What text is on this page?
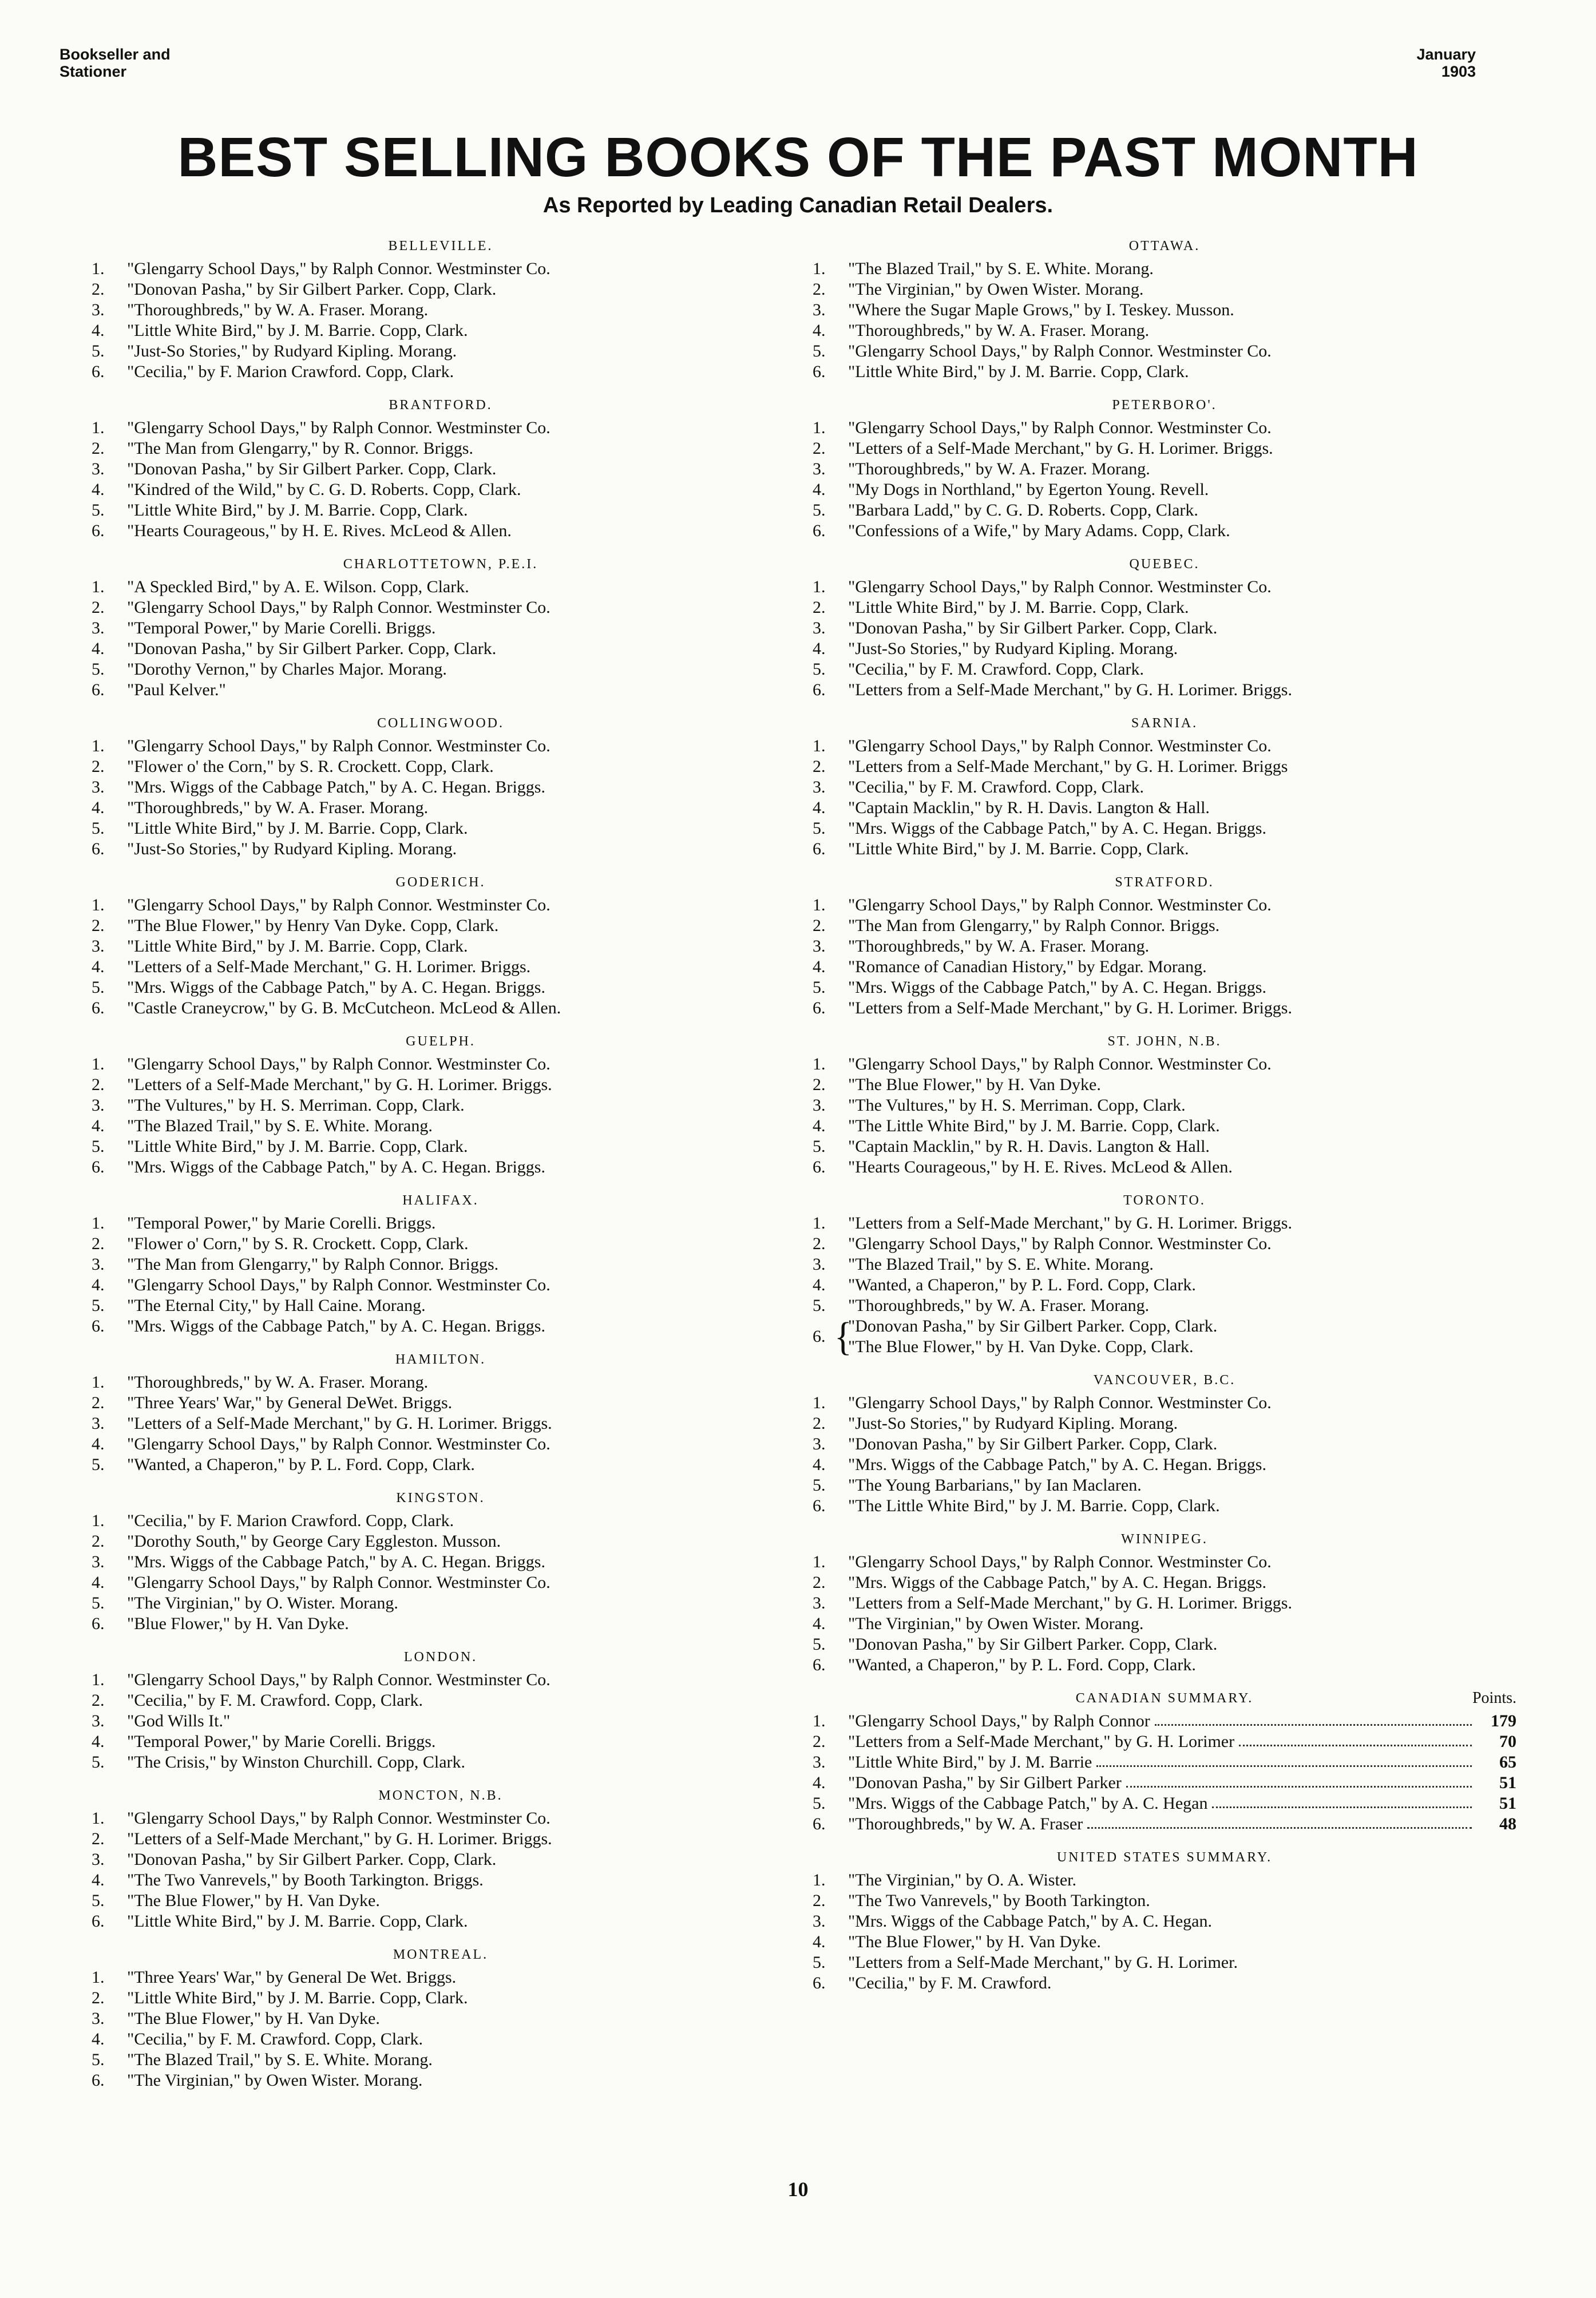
Bookseller and
Stationer
January
1903
BEST SELLING BOOKS OF THE PAST MONTH
As Reported by Leading Canadian Retail Dealers.
BELLEVILLE.
1.	"Glengarry School Days," by Ralph Connor. Westminster Co.
2.	"Donovan Pasha," by Sir Gilbert Parker. Copp, Clark.
3.	"Thoroughbreds," by W. A. Fraser. Morang.
4.	"Little White Bird," by J. M. Barrie. Copp, Clark.
5.	"Just-So Stories," by Rudyard Kipling. Morang.
6.	"Cecilia," by F. Marion Crawford. Copp, Clark.
BRANTFORD.
1.	"Glengarry School Days," by Ralph Connor. Westminster Co.
2.	"The Man from Glengarry," by R. Connor. Briggs.
3.	"Donovan Pasha," by Sir Gilbert Parker. Copp, Clark.
4.	"Kindred of the Wild," by C. G. D. Roberts. Copp, Clark.
5.	"Little White Bird," by J. M. Barrie. Copp, Clark.
6.	"Hearts Courageous," by H. E. Rives. McLeod & Allen.
CHARLOTTETOWN, P.E.I.
1.	"A Speckled Bird," by A. E. Wilson. Copp, Clark.
2.	"Glengarry School Days," by Ralph Connor. Westminster Co.
3.	"Temporal Power," by Marie Corelli. Briggs.
4.	"Donovan Pasha," by Sir Gilbert Parker. Copp, Clark.
5.	"Dorothy Vernon," by Charles Major. Morang.
6.	"Paul Kelver."
COLLINGWOOD.
1.	"Glengarry School Days," by Ralph Connor. Westminster Co.
2.	"Flower o' the Corn," by S. R. Crockett. Copp, Clark.
3.	"Mrs. Wiggs of the Cabbage Patch," by A. C. Hegan. Briggs.
4.	"Thoroughbreds," by W. A. Fraser. Morang.
5.	"Little White Bird," by J. M. Barrie. Copp, Clark.
6.	"Just-So Stories," by Rudyard Kipling. Morang.
GODERICH.
1.	"Glengarry School Days," by Ralph Connor. Westminster Co.
2.	"The Blue Flower," by Henry Van Dyke. Copp, Clark.
3.	"Little White Bird," by J. M. Barrie. Copp, Clark.
4.	"Letters of a Self-Made Merchant," G. H. Lorimer. Briggs.
5.	"Mrs. Wiggs of the Cabbage Patch," by A. C. Hegan. Briggs.
6.	"Castle Craneycrow," by G. B. McCutcheon. McLeod & Allen.
GUELPH.
1.	"Glengarry School Days," by Ralph Connor. Westminster Co.
2.	"Letters of a Self-Made Merchant," by G. H. Lorimer. Briggs.
3.	"The Vultures," by H. S. Merriman. Copp, Clark.
4.	"The Blazed Trail," by S. E. White. Morang.
5.	"Little White Bird," by J. M. Barrie. Copp, Clark.
6.	"Mrs. Wiggs of the Cabbage Patch," by A. C. Hegan. Briggs.
HALIFAX.
1.	"Temporal Power," by Marie Corelli. Briggs.
2.	"Flower o' Corn," by S. R. Crockett. Copp, Clark.
3.	"The Man from Glengarry," by Ralph Connor. Briggs.
4.	"Glengarry School Days," by Ralph Connor. Westminster Co.
5.	"The Eternal City," by Hall Caine. Morang.
6.	"Mrs. Wiggs of the Cabbage Patch," by A. C. Hegan. Briggs.
HAMILTON.
1.	"Thoroughbreds," by W. A. Fraser. Morang.
2.	"Three Years' War," by General DeWet. Briggs.
3.	"Letters of a Self-Made Merchant," by G. H. Lorimer. Briggs.
4.	"Glengarry School Days," by Ralph Connor. Westminster Co.
5.	"Wanted, a Chaperon," by P. L. Ford. Copp, Clark.
KINGSTON.
1.	"Cecilia," by F. Marion Crawford. Copp, Clark.
2.	"Dorothy South," by George Cary Eggleston. Musson.
3.	"Mrs. Wiggs of the Cabbage Patch," by A. C. Hegan. Briggs.
4.	"Glengarry School Days," by Ralph Connor. Westminster Co.
5.	"The Virginian," by O. Wister. Morang.
6.	"Blue Flower," by H. Van Dyke.
LONDON.
1.	"Glengarry School Days," by Ralph Connor. Westminster Co.
2.	"Cecilia," by F. M. Crawford. Copp, Clark.
3.	"God Wills It."
4.	"Temporal Power," by Marie Corelli. Briggs.
5.	"The Crisis," by Winston Churchill. Copp, Clark.
MONCTON, N.B.
1.	"Glengarry School Days," by Ralph Connor. Westminster Co.
2.	"Letters of a Self-Made Merchant," by G. H. Lorimer. Briggs.
3.	"Donovan Pasha," by Sir Gilbert Parker. Copp, Clark.
4.	"The Two Vanrevels," by Booth Tarkington. Briggs.
5.	"The Blue Flower," by H. Van Dyke.
6.	"Little White Bird," by J. M. Barrie. Copp, Clark.
MONTREAL.
1.	"Three Years' War," by General De Wet. Briggs.
2.	"Little White Bird," by J. M. Barrie. Copp, Clark.
3.	"The Blue Flower," by H. Van Dyke.
4.	"Cecilia," by F. M. Crawford. Copp, Clark.
5.	"The Blazed Trail," by S. E. White. Morang.
6.	"The Virginian," by Owen Wister. Morang.
OTTAWA.
1.	"The Blazed Trail," by S. E. White. Morang.
2.	"The Virginian," by Owen Wister. Morang.
3.	"Where the Sugar Maple Grows," by I. Teskey. Musson.
4.	"Thoroughbreds," by W. A. Fraser. Morang.
5.	"Glengarry School Days," by Ralph Connor. Westminster Co.
6.	"Little White Bird," by J. M. Barrie. Copp, Clark.
PETERBORO'.
1.	"Glengarry School Days," by Ralph Connor. Westminster Co.
2.	"Letters of a Self-Made Merchant," by G. H. Lorimer. Briggs.
3.	"Thoroughbreds," by W. A. Frazer. Morang.
4.	"My Dogs in Northland," by Egerton Young. Revell.
5.	"Barbara Ladd," by C. G. D. Roberts. Copp, Clark.
6.	"Confessions of a Wife," by Mary Adams. Copp, Clark.
QUEBEC.
1.	"Glengarry School Days," by Ralph Connor. Westminster Co.
2.	"Little White Bird," by J. M. Barrie. Copp, Clark.
3.	"Donovan Pasha," by Sir Gilbert Parker. Copp, Clark.
4.	"Just-So Stories," by Rudyard Kipling. Morang.
5.	"Cecilia," by F. M. Crawford. Copp, Clark.
6.	"Letters from a Self-Made Merchant," by G. H. Lorimer. Briggs.
SARNIA.
1.	"Glengarry School Days," by Ralph Connor. Westminster Co.
2.	"Letters from a Self-Made Merchant," by G. H. Lorimer. Briggs
3.	"Cecilia," by F. M. Crawford. Copp, Clark.
4.	"Captain Macklin," by R. H. Davis. Langton & Hall.
5.	"Mrs. Wiggs of the Cabbage Patch," by A. C. Hegan. Briggs.
6.	"Little White Bird," by J. M. Barrie. Copp, Clark.
STRATFORD.
1.	"Glengarry School Days," by Ralph Connor. Westminster Co.
2.	"The Man from Glengarry," by Ralph Connor. Briggs.
3.	"Thoroughbreds," by W. A. Fraser. Morang.
4.	"Romance of Canadian History," by Edgar. Morang.
5.	"Mrs. Wiggs of the Cabbage Patch," by A. C. Hegan. Briggs.
6.	"Letters from a Self-Made Merchant," by G. H. Lorimer. Briggs.
ST. JOHN, N.B.
1.	"Glengarry School Days," by Ralph Connor. Westminster Co.
2.	"The Blue Flower," by H. Van Dyke.
3.	"The Vultures," by H. S. Merriman. Copp, Clark.
4.	"The Little White Bird," by J. M. Barrie. Copp, Clark.
5.	"Captain Macklin," by R. H. Davis. Langton & Hall.
6.	"Hearts Courageous," by H. E. Rives. McLeod & Allen.
TORONTO.
1.	"Letters from a Self-Made Merchant," by G. H. Lorimer. Briggs.
2.	"Glengarry School Days," by Ralph Connor. Westminster Co.
3.	"The Blazed Trail," by S. E. White. Morang.
4.	"Wanted, a Chaperon," by P. L. Ford. Copp, Clark.
5.	"Thoroughbreds," by W. A. Fraser. Morang.
6. {
"Donovan Pasha," by Sir Gilbert Parker. Copp, Clark.
"The Blue Flower," by H. Van Dyke. Copp, Clark.
VANCOUVER, B.C.
1.	"Glengarry School Days," by Ralph Connor. Westminster Co.
2.	"Just-So Stories," by Rudyard Kipling. Morang.
3.	"Donovan Pasha," by Sir Gilbert Parker. Copp, Clark.
4.	"Mrs. Wiggs of the Cabbage Patch," by A. C. Hegan. Briggs.
5.	"The Young Barbarians," by Ian Maclaren.
6.	"The Little White Bird," by J. M. Barrie. Copp, Clark.
WINNIPEG.
1.	"Glengarry School Days," by Ralph Connor. Westminster Co.
2.	"Mrs. Wiggs of the Cabbage Patch," by A. C. Hegan. Briggs.
3.	"Letters from a Self-Made Merchant," by G. H. Lorimer. Briggs.
4.	"The Virginian," by Owen Wister. Morang.
5.	"Donovan Pasha," by Sir Gilbert Parker. Copp, Clark.
6.	"Wanted, a Chaperon," by P. L. Ford. Copp, Clark.
CANADIAN SUMMARY.	Points.
1.	"Glengarry School Days," by Ralph Connor	179
2.	"Letters from a Self-Made Merchant," by G. H. Lorimer	70
3.	"Little White Bird," by J. M. Barrie	65
4.	"Donovan Pasha," by Sir Gilbert Parker	51
5.	"Mrs. Wiggs of the Cabbage Patch," by A. C. Hegan	51
6.	"Thoroughbreds," by W. A. Fraser	48
UNITED STATES SUMMARY.
1.	"The Virginian," by O. A. Wister.
2.	"The Two Vanrevels," by Booth Tarkington.
3.	"Mrs. Wiggs of the Cabbage Patch," by A. C. Hegan.
4.	"The Blue Flower," by H. Van Dyke.
5.	"Letters from a Self-Made Merchant," by G. H. Lorimer.
6.	"Cecilia," by F. M. Crawford.
10
